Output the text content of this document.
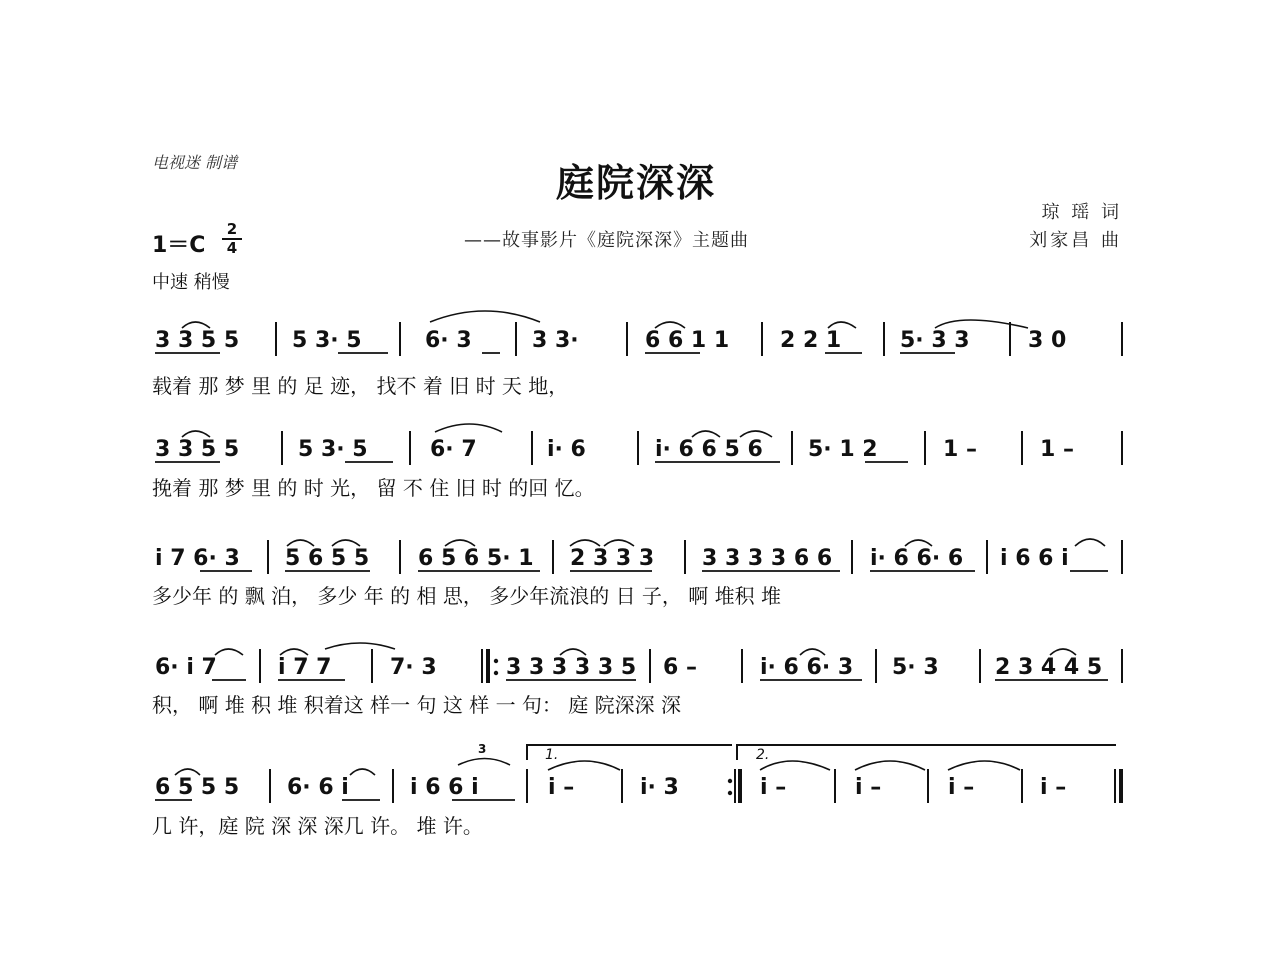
电视迷 制谱	庭院深深
——故事影片《庭院深深》主题曲
琼 瑶 词
刘家昌 曲
1＝C
2
4
中速 稍慢
3 3 5 5 5 3· 5	6· 3	3 3·	6 6 1 1 2 2 1	5· 3 3	3 0
载着 那 梦 里 的 足 迹， 找不 着 旧 时 天 地，
3 3 5 5	5 3· 5	6· 7	i· 6	i· 6 6 5 6 5· 1 2	1 –	1 –
挽着 那 梦 里 的 时 光， 留 不 住 旧 时 的回 忆。
i 7 6· 3 5 6 5 5 6 5 6 5· 1 2 3 3 3 3 3 3 3 6 6 i· 6 6· 6 i 6 6 i
多少年 的 飘 泊， 多少 年 的 相 思， 多少年流浪的 日 子， 啊 堆积 堆
6· i 7	i 7 7	7· 3	3 3 3 3 3 5 6 –	i· 6 6· 3 5· 3	2 3 4 4 5
积， 啊 堆 积 堆 积着这 样一 句 这 样 一 句： 庭 院深深 深
6 5 5 5 6· 6 i	i 6 6 i	i –	i· 3	i –	i –	i –	i –
几 许，庭 院 深 深 深几 许。 堆 许。
1.	2.
3
